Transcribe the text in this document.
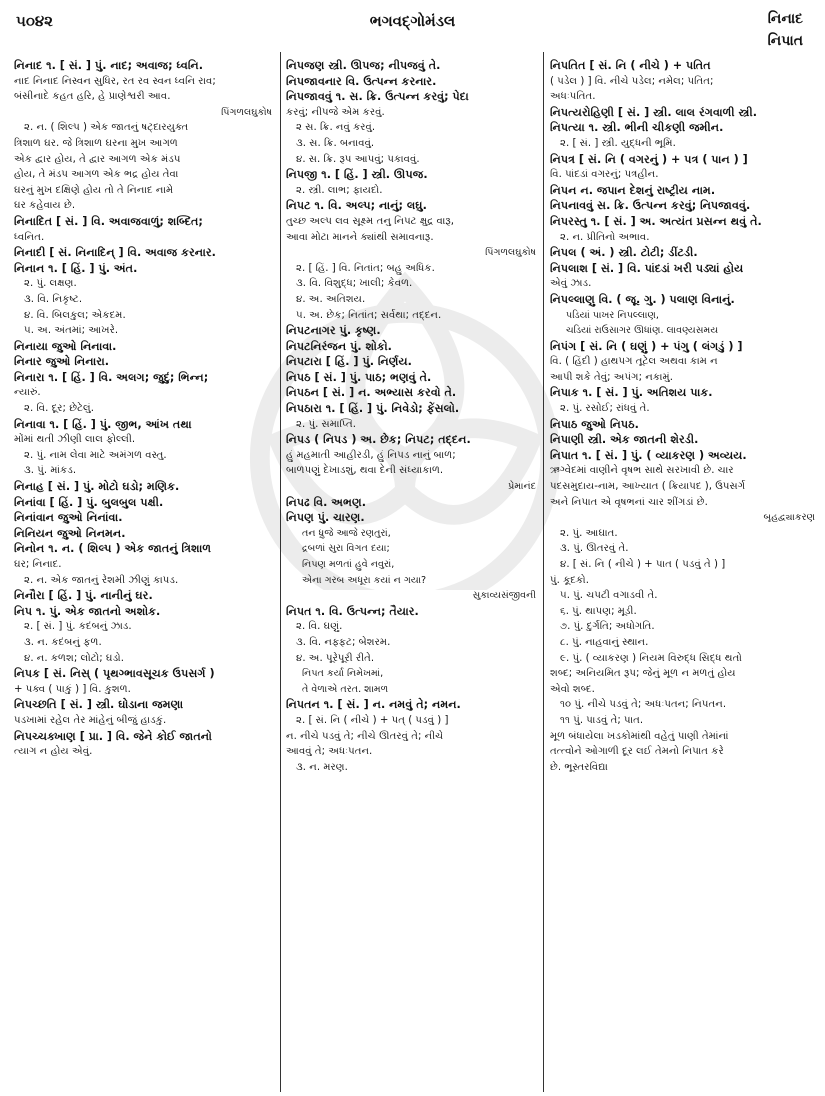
૫૦૪૨	ભગવદ્ગોમંડલ	નિનાદ
નિપાત
નિનાદ ૧. [ સં. ] પું. નાદ; અવાજ; ધ્વનિ.
નાદ નિનાદ નિસ્વન સુધિર, રત રવ સ્વન ધ્વનિ રાવ;
બંસીનાદે કહત હરિ, હે પ્રાણેશ્વરી આવ.
પિંગળલઘુકોષ
૨. ન. ( શિલ્પ ) એક જાતનું ષટ્‌દારયુક્ત
ત્રિશાળ ઘર. જે ત્રિશાળ ઘરના મુખ આગળ
એક દ્વાર હોય, તે દ્વાર આગળ એક મંડપ
હોય, તે મંડપ આગળ એક ભદ્ર હોય તેવા
ઘરનું મુખ દક્ષિણે હોય તો તે નિનાદ નામે
ઘર કહેવાય છે.
નિનાદિત [ સં. ] વિ. અવાજવાળું; શબ્દિત;
ધ્વનિત.
નિનાદી [ સં. નિનાદિન્ ] વિ. અવાજ કરનાર.
નિનાન ૧. [ હિં. ] પું. અંત.
૨. પું. લક્ષણ.
૩. વિ. નિકૃષ્ટ.
૪. વિ. બિલકુલ; એકદમ.
૫. અ. અંતમાં; આખરે.
નિનાયા જુઓ નિનાવા.
નિનાર જુઓ નિનારા.
નિનારા ૧. [ હિં. ] વિ. અલગ; જુદું; ભિન્ન;
ન્યારું.
૨. વિ. દૂર; છેટેલું.
નિનાવા ૧. [ હિં. ] પું. જીભ, આંખ તથા
મોંમાં થતી ઝીણી લાલ ફોલ્લી.
૨. પું. નામ લેવા માટે અમંગળ વસ્તુ.
૩. પું. માંકડ.
નિનાહ [ સં. ] પું. મોટો ઘડો; મણિક.
નિનાંવા [ હિં. ] પું. બુલબુલ પક્ષી.
નિનાંવાન જુઓ નિનાંવા.
નિનિયન જુઓ નિનમન.
નિનોન ૧. ન. ( શિલ્પ ) એક જાતનું ત્રિશાળ
ઘર; નિનાદ.
૨. ન. એક જાતનું રેશમી ઝીણું કાપડ.
નિનૌરા [ હિં. ] પું. નાનીનું ઘર.
નિપ ૧. પું. એક જાતનો અશોક.
૨. [ સં. ] પું. કદંબનું ઝાડ.
૩. ન. કદંબનું ફળ.
૪. ન. કળશ; લોટો; ઘડો.
નિપક [ સં. નિસ્ ( પૃથગ્ભાવસૂચક ઉપસર્ગ )
+ પક્વ ( પાકું ) ] વિ. કુશળ.
નિપચ્છતિ [ સં. ] સ્ત્રી. ઘોડાના જમણા
પડખામાં રહેલ તેર માંહેનું બીજું હાડકું.
નિપચ્ચક્ખાણ [ પ્રા. ] વિ. જેને કોઈ જાતનો
ત્યાગ ન હોય એવું.
નિપજણ સ્ત્રી. ઊપજ; નીપજવું તે.
નિપજાવનાર વિ. ઉત્પન્ન કરનાર.
નિપજાવવું ૧. સ. ક્રિ. ઉત્પન્ન કરવું; પેદા
કરવું; નીપજે એમ કરવું.
૨ સ. ક્રિ. નવું કરવું.
૩. સ. ક્રિ. બનાવવું.
૪. સ. ક્રિ. રૂપ આપવું; પકાવવું.
નિપજી ૧. [ હિં. ] સ્ત્રી. ઊપજ.
૨. સ્ત્રી. લાભ; ફાયદો.
નિપટ ૧. વિ. અલ્પ; નાનું; લઘુ.
તુચ્છ અલ્પ લવ સૂક્ષ્મ તનુ નિપટ ક્ષુદ્ર વારૂ,
આવા મોટા માનને ક્યાંથી સમાવનારૂ.
પિંગળલઘુકોષ
૨. [ હિં. ] વિ. નિતાંત; બહુ અધિક.
૩. વિ. વિશુદ્ધ; ખાલી; કેવળ.
૪. અ. અતિશય.
૫. અ. છેક; નિતાંત; સર્વથા; તદ્દન.
નિપટનાગર પું. કૃષ્ણ.
નિપટનિરંજન પું. શોકો.
નિપટારા [ હિં. ] પું. નિર્ણય.
નિપઠ [ સં. ] પું. પાઠ; ભણવું તે.
નિપઠન [ સં. ] ન. અભ્યાસ કરવો તે.
નિપઠારા ૧. [ હિં. ] પું. નિવેડો; ફેંસલો.
૨. પું. સમાપ્તિ.
નિપડ ( નિપડ ) અ. છેક; નિપટ; તદ્દન.
હું મહમાતી આહીરડી, હું નિપડ નાનું બાળ;
બાળપણું દેખાડશું, થવા દેની સંધ્યાકાળ.
પ્રેમાનંદ
નિપઢ વિ. અભણ.
નિપણ પું. ચારણ.
તન ધ્રુજે આજે રણતુરાં,
દ્રબળાં સુરા વિગત દયા;
નિપણ મળતાં હુવે નવુરાં,
એના ગરબ અધૂરા કયાં ન ગયા?
સુકાવ્યસંજીવની
નિપત ૧. વિ. ઉત્પન્ન; તૈયાર.
૨. વિ. ઘણું.
૩. વિ. નફ્ફટ; બેશરમ.
૪. અ. પૂરેપૂરી રીતે.
નિપત કર્યા નિમેખમાં,
તે વેળાએ તરત. શામળ
નિપતન ૧. [ સં. ] ન. નમવું તે; નમન.
૨. [ સં. નિ ( નીચે ) + પત્ ( પડવું ) ]
ન. નીચે પડવું તે; નીચે ઊતરવું તે; નીચે
આવવું તે; અધઃપતન.
૩. ન. મરણ.
નિપતિત [ સં. નિ ( નીચે ) + પતિત
( પડેલ ) ] વિ. નીચે પડેલ; નમેલ; પતિત;
અધઃપતિત.
નિપત્યરોહિણી [ સં. ] સ્ત્રી. લાલ રંગવાળી સ્ત્રી.
નિપત્યા ૧. સ્ત્રી. ભીની ચીકણી જમીન.
૨. [ સં. ] સ્ત્રી. યુદ્ધની ભૂમિ.
નિપત્ર [ સં. નિ ( વગરનું ) + પત્ર ( પાન ) ]
વિ. પાંદડાં વગરનું; પત્રહીન.
નિપન ન. જપાન દેશનું રાષ્ટ્રીય નામ.
નિપનાવવું સ. ક્રિ. ઉત્પન્ન કરવું; નિપજાવવું.
નિપરસ્તુ ૧. [ સં. ] અ. અત્યંત પ્રસન્ન થવું તે.
૨. ન. પ્રીતિનો અભાવ.
નિપલ ( અં. ) સ્ત્રી. ટોટી; ડીંટડી.
નિપલાશ [ સં. ] વિ. પાંદડાં ખરી પડ્યાં હોય
એવું ઝાડ.
નિપલ્લાણુ વિ. ( જૂ. ગુ. ) પલાણ વિનાનું.
પડિયાં પાખર નિપલ્લાણ,
ચડિયાં રાઉસાગર ઊધાંણ. લાવણ્યસમય
નિપંગ [ સં. નિ ( ઘણું ) + પંગુ ( લંગડું ) ]
વિ. ( હિંદી ) હાથપગ તૂટેલ અથવા કામ ન
આપી શકે તેવું; અપંગ; નકામું.
નિપાક ૧. [ સં. ] પું. અતિશય પાક.
૨. પું. રસોઈ; રાંધવું તે.
નિપાઠ જુઓ નિપઠ.
નિપાણી સ્ત્રી. એક જાતની શેરડી.
નિપાત ૧. [ સં. ] પું. ( વ્યાકરણ ) અવ્યય.
ઋગ્વેદમાં વાણીને વૃષભ સાથે સરખાવી છે. ચાર
પદસમુદાય-નામ, આખ્યાત ( ક્રિયાપદ ), ઉપસર્ગ
અને નિપાત એ વૃષભનાં ચાર શીંગડાં છે.
બૃહદ્વ્યાકરણ
૨. પું. આઘાત.
૩. પું. ઊતરવું તે.
૪. [ સં. નિ ( નીચે ) + પાત ( પડવું તે ) ]
પું. કૂદકો.
૫. પું. ચપટી વગાડવી તે.
૬. પું. થાપણ; મૂડી.
૭. પું. દુર્ગતિ; અધોગતિ.
૮. પું. નાહવાનું સ્થાન.
૯. પું. ( વ્યાકરણ ) નિયમ વિરુદ્ધ સિદ્ધ થતો
શબ્દ; અનિયમિત રૂપ; જેનું મૂળ ન મળતું હોય
એવો શબ્દ.
૧૦ પું. નીચે પડવું તે; અધઃપતન; નિપતન.
૧૧ પું. પાડવું તે; પાત.
મૂળ બંધાયેલા ખડકોમાંથી વહેતું પાણી તેમાંનાં
તત્ત્વોને ઓગાળી દૂર લઈ તેમનો નિપાત કરે
છે. ભૂસ્તરવિદ્યા
